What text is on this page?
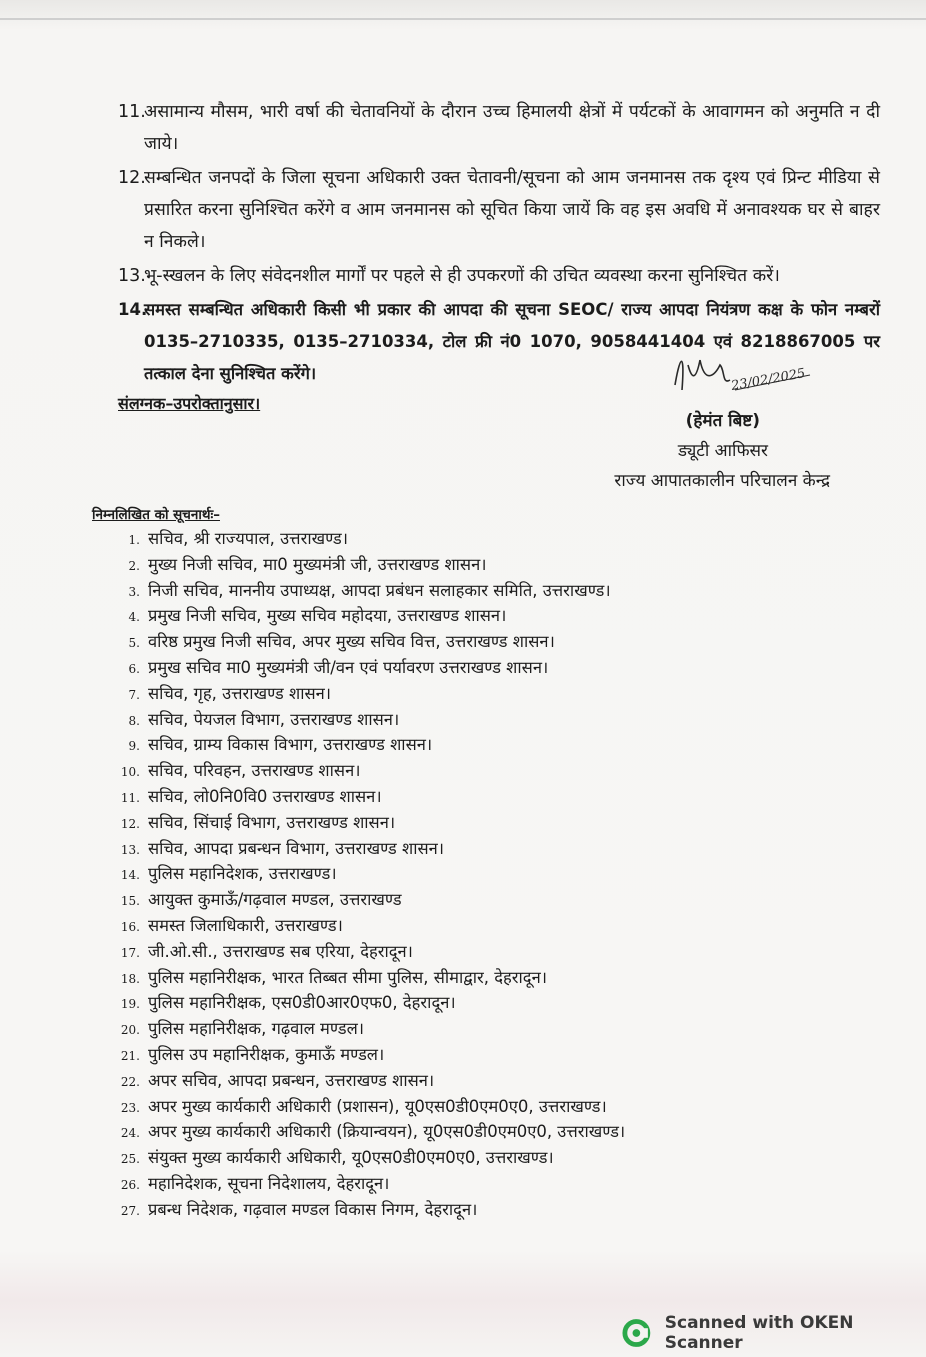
11.
असामान्य मौसम, भारी वर्षा की चेतावनियों के दौरान उच्च हिमालयी क्षेत्रों में पर्यटकों के आवागमन को अनुमति न दी जाये।
12.
सम्बन्धित जनपदों के जिला सूचना अधिकारी उक्त चेतावनी/सूचना को आम जनमानस तक दृश्य एवं प्रिन्ट मीडिया से प्रसारित करना सुनिश्चित करेंगे व आम जनमानस को सूचित किया जायें कि वह इस अवधि में अनावश्यक घर से बाहर न निकले।
13.
भू-स्खलन के लिए संवेदनशील मार्गों पर पहले से ही उपकरणों की उचित व्यवस्था करना सुनिश्चित करें।
14.
समस्त सम्बन्धित अधिकारी किसी भी प्रकार की आपदा की सूचना SEOC/ राज्य आपदा नियंत्रण कक्ष के फोन नम्बरों 0135–2710335, 0135–2710334, टोल फ्री नं0 1070, 9058441404 एवं 8218867005 पर तत्काल देना सुनिश्चित करेंगे।
संलग्नक–उपरोक्तानुसार।
23/02/2025
(हेमंत बिष्ट)
ड्यूटी आफिसर
राज्य आपातकालीन परिचालन केन्द्र
निम्नलिखित को सूचनार्थः–
1. सचिव, श्री राज्यपाल, उत्तराखण्ड।
2. मुख्य निजी सचिव, मा0 मुख्यमंत्री जी, उत्तराखण्ड शासन।
3. निजी सचिव, माननीय उपाध्यक्ष, आपदा प्रबंधन सलाहकार समिति, उत्तराखण्ड।
4. प्रमुख निजी सचिव, मुख्य सचिव महोदया, उत्तराखण्ड शासन।
5. वरिष्ठ प्रमुख निजी सचिव, अपर मुख्य सचिव वित्त, उत्तराखण्ड शासन।
6. प्रमुख सचिव मा0 मुख्यमंत्री जी/वन एवं पर्यावरण उत्तराखण्ड शासन।
7. सचिव, गृह, उत्तराखण्ड शासन।
8. सचिव, पेयजल विभाग, उत्तराखण्ड शासन।
9. सचिव, ग्राम्य विकास विभाग, उत्तराखण्ड शासन।
10. सचिव, परिवहन, उत्तराखण्ड शासन।
11. सचिव, लो0नि0वि0 उत्तराखण्ड शासन।
12. सचिव, सिंचाई विभाग, उत्तराखण्ड शासन।
13. सचिव, आपदा प्रबन्धन विभाग, उत्तराखण्ड शासन।
14. पुलिस महानिदेशक, उत्तराखण्ड।
15. आयुक्त कुमाऊँ/गढ़वाल मण्डल, उत्तराखण्ड
16. समस्त जिलाधिकारी, उत्तराखण्ड।
17. जी.ओ.सी., उत्तराखण्ड सब एरिया, देहरादून।
18. पुलिस महानिरीक्षक, भारत तिब्बत सीमा पुलिस, सीमाद्वार, देहरादून।
19. पुलिस महानिरीक्षक, एस0डी0आर0एफ0, देहरादून।
20. पुलिस महानिरीक्षक, गढ़वाल मण्डल।
21. पुलिस उप महानिरीक्षक, कुमाऊँ मण्डल।
22. अपर सचिव, आपदा प्रबन्धन, उत्तराखण्ड शासन।
23. अपर मुख्य कार्यकारी अधिकारी (प्रशासन), यू0एस0डी0एम0ए0, उत्तराखण्ड।
24. अपर मुख्य कार्यकारी अधिकारी (क्रियान्वयन), यू0एस0डी0एम0ए0, उत्तराखण्ड।
25. संयुक्त मुख्य कार्यकारी अधिकारी, यू0एस0डी0एम0ए0, उत्तराखण्ड।
26. महानिदेशक, सूचना निदेशालय, देहरादून।
27. प्रबन्ध निदेशक, गढ़वाल मण्डल विकास निगम, देहरादून।
Scanned with OKEN Scanner
